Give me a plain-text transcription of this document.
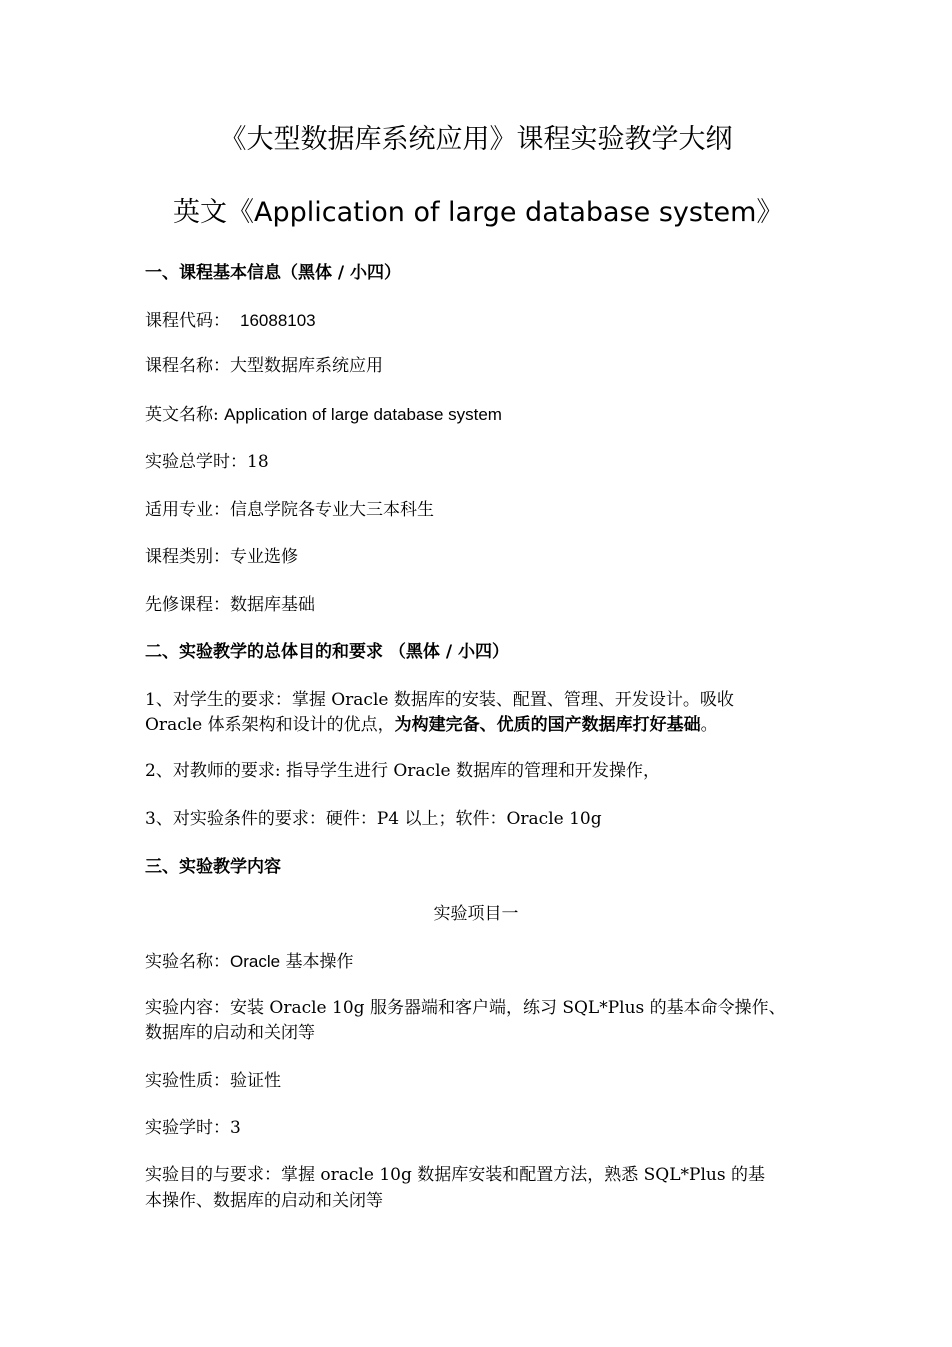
《大型数据库系统应用》课程实验教学大纲
英文《Application of large database system》
一、课程基本信息（黑体 / 小四）
课程代码： 16088103
课程名称：大型数据库系统应用
英文名称: Application of large database system
实验总学时：18
适用专业：信息学院各专业大三本科生
课程类别：专业选修
先修课程：数据库基础
二、实验教学的总体目的和要求 （黑体 / 小四）
1、对学生的要求：掌握 Oracle 数据库的安装、配置、管理、开发设计。吸收
Oracle 体系架构和设计的优点，为构建完备、优质的国产数据库打好基础。
2、对教师的要求: 指导学生进行 Oracle 数据库的管理和开发操作，
3、对实验条件的要求：硬件：P4 以上；软件：Oracle 10g
三、实验教学内容
实验项目一
实验名称：Oracle 基本操作
实验内容：安装 Oracle 10g 服务器端和客户端，练习 SQL*Plus 的基本命令操作、
数据库的启动和关闭等
实验性质：验证性
实验学时：3
实验目的与要求：掌握 oracle 10g 数据库安装和配置方法，熟悉 SQL*Plus 的基
本操作、数据库的启动和关闭等
